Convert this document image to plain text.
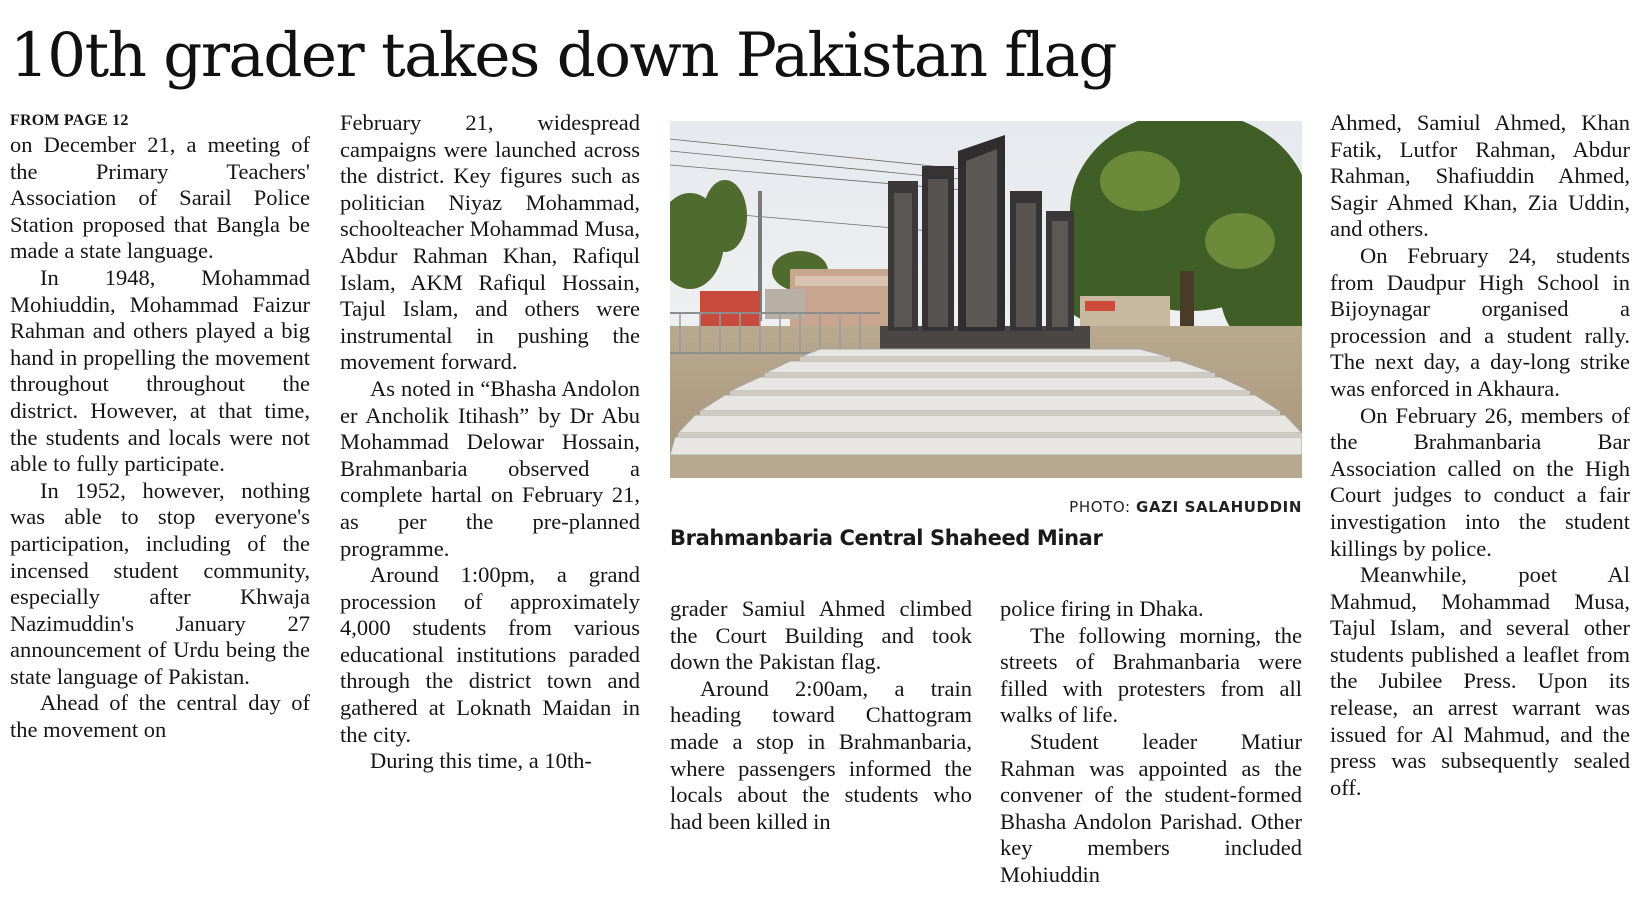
10th grader takes down Pakistan flag
FROM PAGE 12

on December 21, a meeting of the Primary Teachers' Association of Sarail Police Station proposed that Bangla be made a state language.

In 1948, Mohammad Mohiuddin, Mohammad Faizur Rahman and others played a big hand in propelling the movement throughout throughout the district. However, at that time, the students and locals were not able to fully participate.

In 1952, however, nothing was able to stop everyone's participation, including of the incensed student community, especially after Khwaja Nazimuddin's January 27 announcement of Urdu being the state language of Pakistan.

Ahead of the central day of the movement on

February 21, widespread campaigns were launched across the district. Key figures such as politician Niyaz Mohammad, schoolteacher Mohammad Musa, Abdur Rahman Khan, Rafiqul Islam, AKM Rafiqul Hossain, Tajul Islam, and others were instrumental in pushing the movement forward.

As noted in “Bhasha Andolon er Ancholik Itihash” by Dr Abu Mohammad Delowar Hossain, Brahmanbaria observed a complete hartal on February 21, as per the pre-planned programme.

Around 1:00pm, a grand procession of approximately 4,000 students from various educational institutions paraded through the district town and gathered at Loknath Maidan in the city.

During this time, a 10th-

PHOTO: GAZI SALAHUDDIN
Brahmanbaria Central Shaheed Minar

grader Samiul Ahmed climbed the Court Building and took down the Pakistan flag.

Around 2:00am, a train heading toward Chattogram made a stop in Brahmanbaria, where passengers informed the locals about the students who had been killed in

police firing in Dhaka.

The following morning, the streets of Brahmanbaria were filled with protesters from all walks of life.

Student leader Matiur Rahman was appointed as the convener of the student-formed Bhasha Andolon Parishad. Other key members included Mohiuddin

Ahmed, Samiul Ahmed, Khan Fatik, Lutfor Rahman, Abdur Rahman, Shafiuddin Ahmed, Sagir Ahmed Khan, Zia Uddin, and others.

On February 24, students from Daudpur High School in Bijoynagar organised a procession and a student rally. The next day, a day-long strike was enforced in Akhaura.

On February 26, members of the Brahmanbaria Bar Association called on the High Court judges to conduct a fair investigation into the student killings by police.

Meanwhile, poet Al Mahmud, Mohammad Musa, Tajul Islam, and several other students published a leaflet from the Jubilee Press. Upon its release, an arrest warrant was issued for Al Mahmud, and the press was subsequently sealed off.
